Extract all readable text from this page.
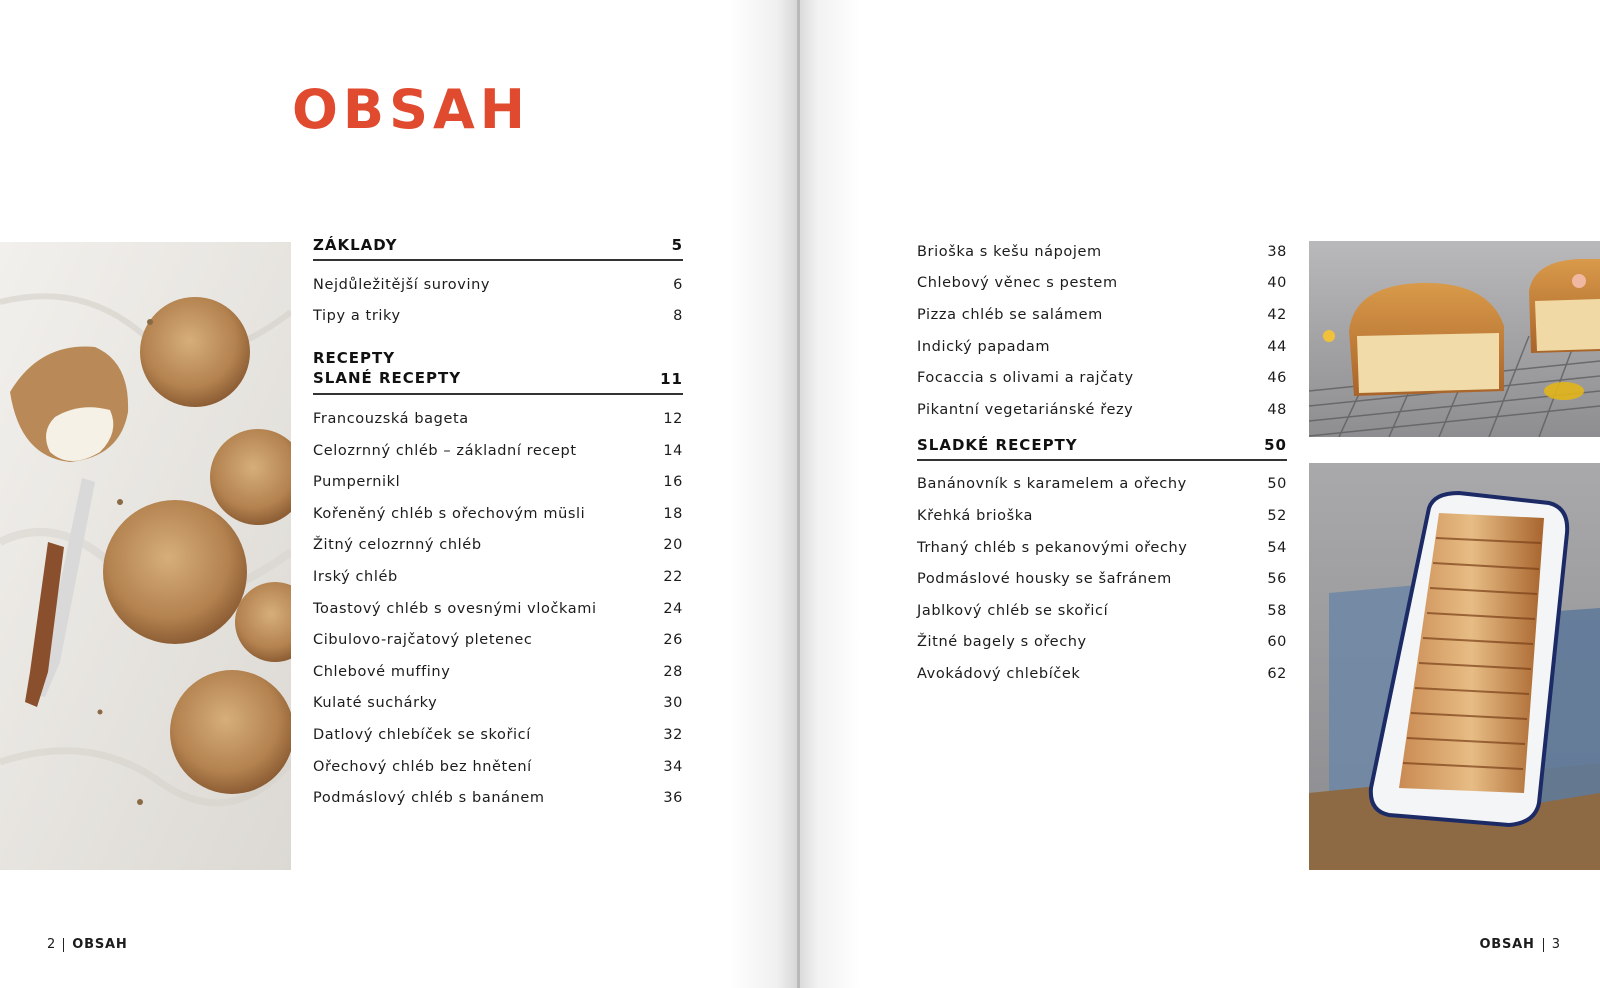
OBSAH
ZÁKLADY	5
Nejdůležitější suroviny	6
Tipy a triky	8
RECEPTY
SLANÉ RECEPTY	11
Francouzská bageta	12
Celozrnný chléb – základní recept	14
Pumpernikl	16
Kořeněný chléb s ořechovým müsli	18
Žitný celozrnný chléb	20
Irský chléb	22
Toastový chléb s ovesnými vločkami	24
Cibulovo-rajčatový pletenec	26
Chlebové muffiny	28
Kulaté suchárky	30
Datlový chlebíček se skořicí	32
Ořechový chléb bez hnětení	34
Podmáslový chléb s banánem	36
2 OBSAH
Brioška s kešu nápojem	38
Chlebový věnec s pestem	40
Pizza chléb se salámem	42
Indický papadam	44
Focaccia s olivami a rajčaty	46
Pikantní vegetariánské řezy	48
SLADKÉ RECEPTY	50
Banánovník s karamelem a ořechy	50
Křehká brioška	52
Trhaný chléb s pekanovými ořechy	54
Podmáslové housky se šafránem	56
Jablkový chléb se skořicí	58
Žitné bagely s ořechy	60
Avokádový chlebíček	62
OBSAH 3
